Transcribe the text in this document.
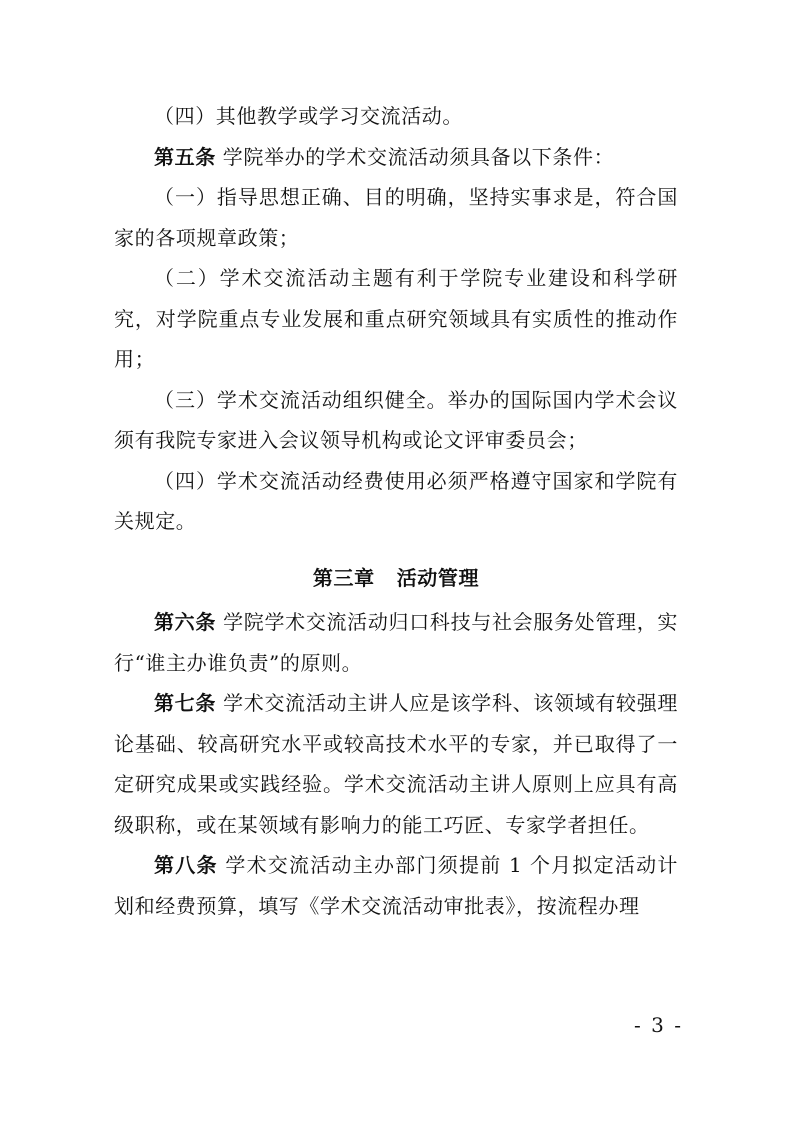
（四）其他教学或学习交流活动。

第五条 学院举办的学术交流活动须具备以下条件：

（一）指导思想正确、目的明确，坚持实事求是，符合国家的各项规章政策；

（二）学术交流活动主题有利于学院专业建设和科学研究，对学院重点专业发展和重点研究领域具有实质性的推动作用；

（三）学术交流活动组织健全。举办的国际国内学术会议须有我院专家进入会议领导机构或论文评审委员会；

（四）学术交流活动经费使用必须严格遵守国家和学院有关规定。

第三章 活动管理

第六条 学院学术交流活动归口科技与社会服务处管理，实行“谁主办谁负责”的原则。

第七条 学术交流活动主讲人应是该学科、该领域有较强理论基础、较高研究水平或较高技术水平的专家，并已取得了一定研究成果或实践经验。学术交流活动主讲人原则上应具有高级职称，或在某领域有影响力的能工巧匠、专家学者担任。

第八条 学术交流活动主办部门须提前 1 个月拟定活动计划和经费预算，填写《学术交流活动审批表》，按流程办理

- 3 -
